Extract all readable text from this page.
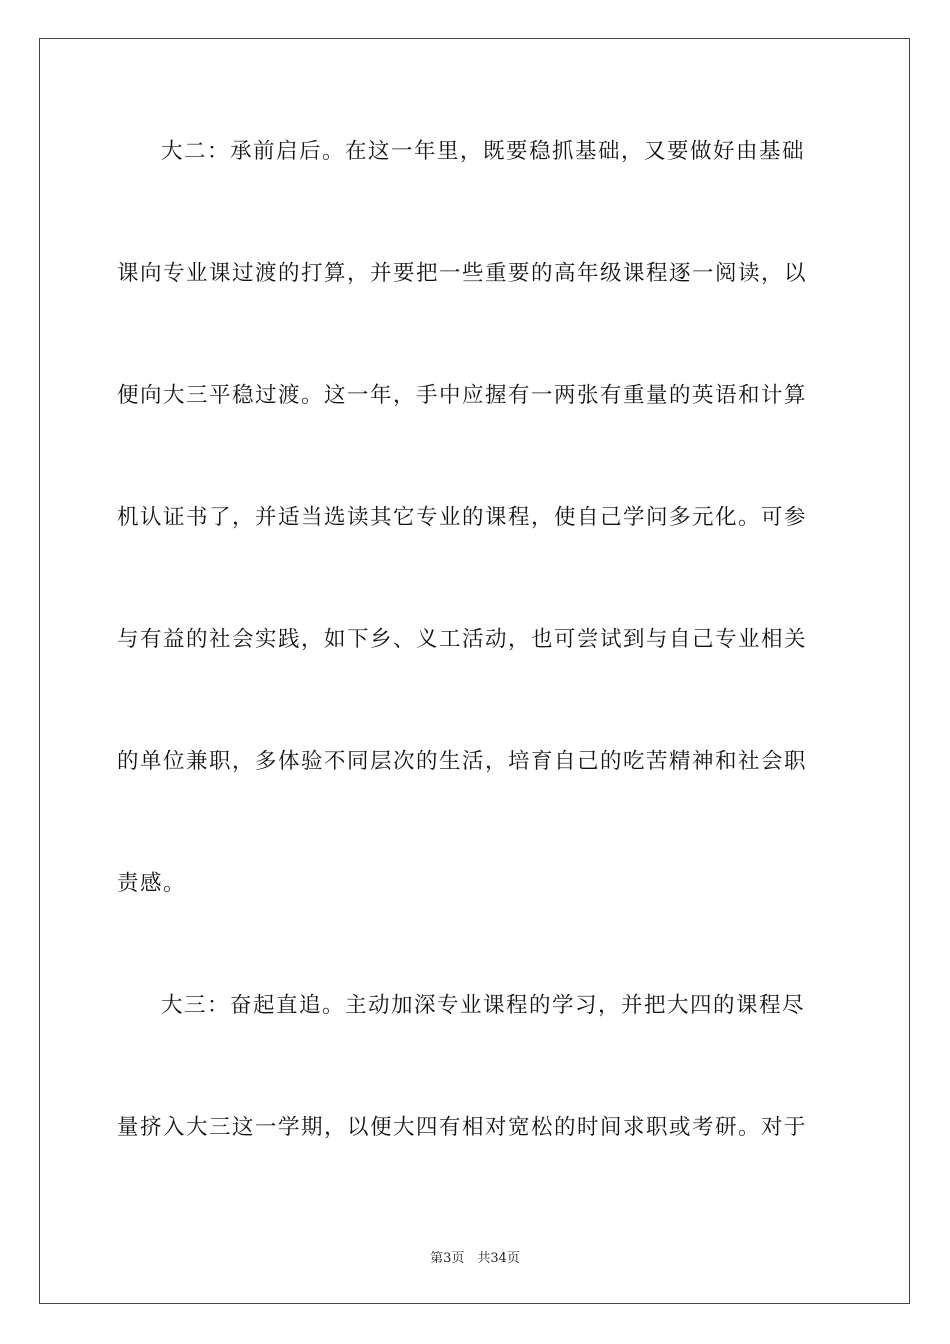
大二：承前启后。在这一年里，既要稳抓基础，又要做好由基础
课向专业课过渡的打算，并要把一些重要的高年级课程逐一阅读，以
便向大三平稳过渡。这一年，手中应握有一两张有重量的英语和计算
机认证书了，并适当选读其它专业的课程，使自己学问多元化。可参
与有益的社会实践，如下乡、义工活动，也可尝试到与自己专业相关
的单位兼职，多体验不同层次的生活，培育自己的吃苦精神和社会职
责感。
大三：奋起直追。主动加深专业课程的学习，并把大四的课程尽
量挤入大三这一学期，以便大四有相对宽松的时间求职或考研。对于
第3页　共34页
